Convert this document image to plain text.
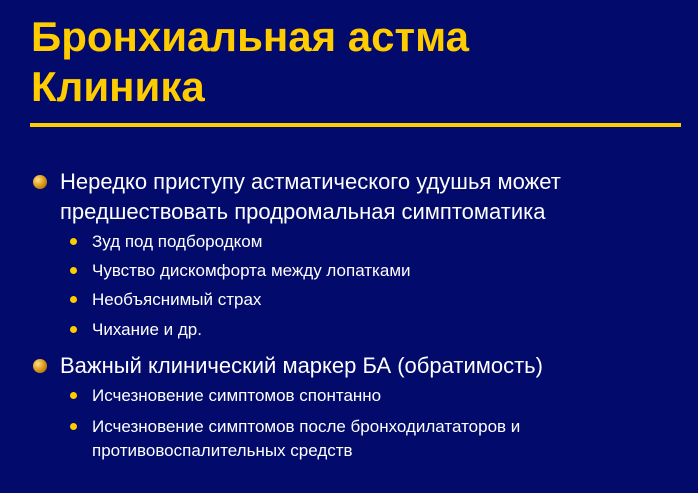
Бронхиальная астма
Клиника
Нередко приступу астматического удушья может предшествовать продромальная симптоматика
Зуд под подбородком
Чувство дискомфорта между лопатками
Необъяснимый страх
Чихание и др.
Важный клинический маркер БА (обратимость)
Исчезновение симптомов спонтанно
Исчезновение симптомов после бронходилататоров и противовоспалительных средств
